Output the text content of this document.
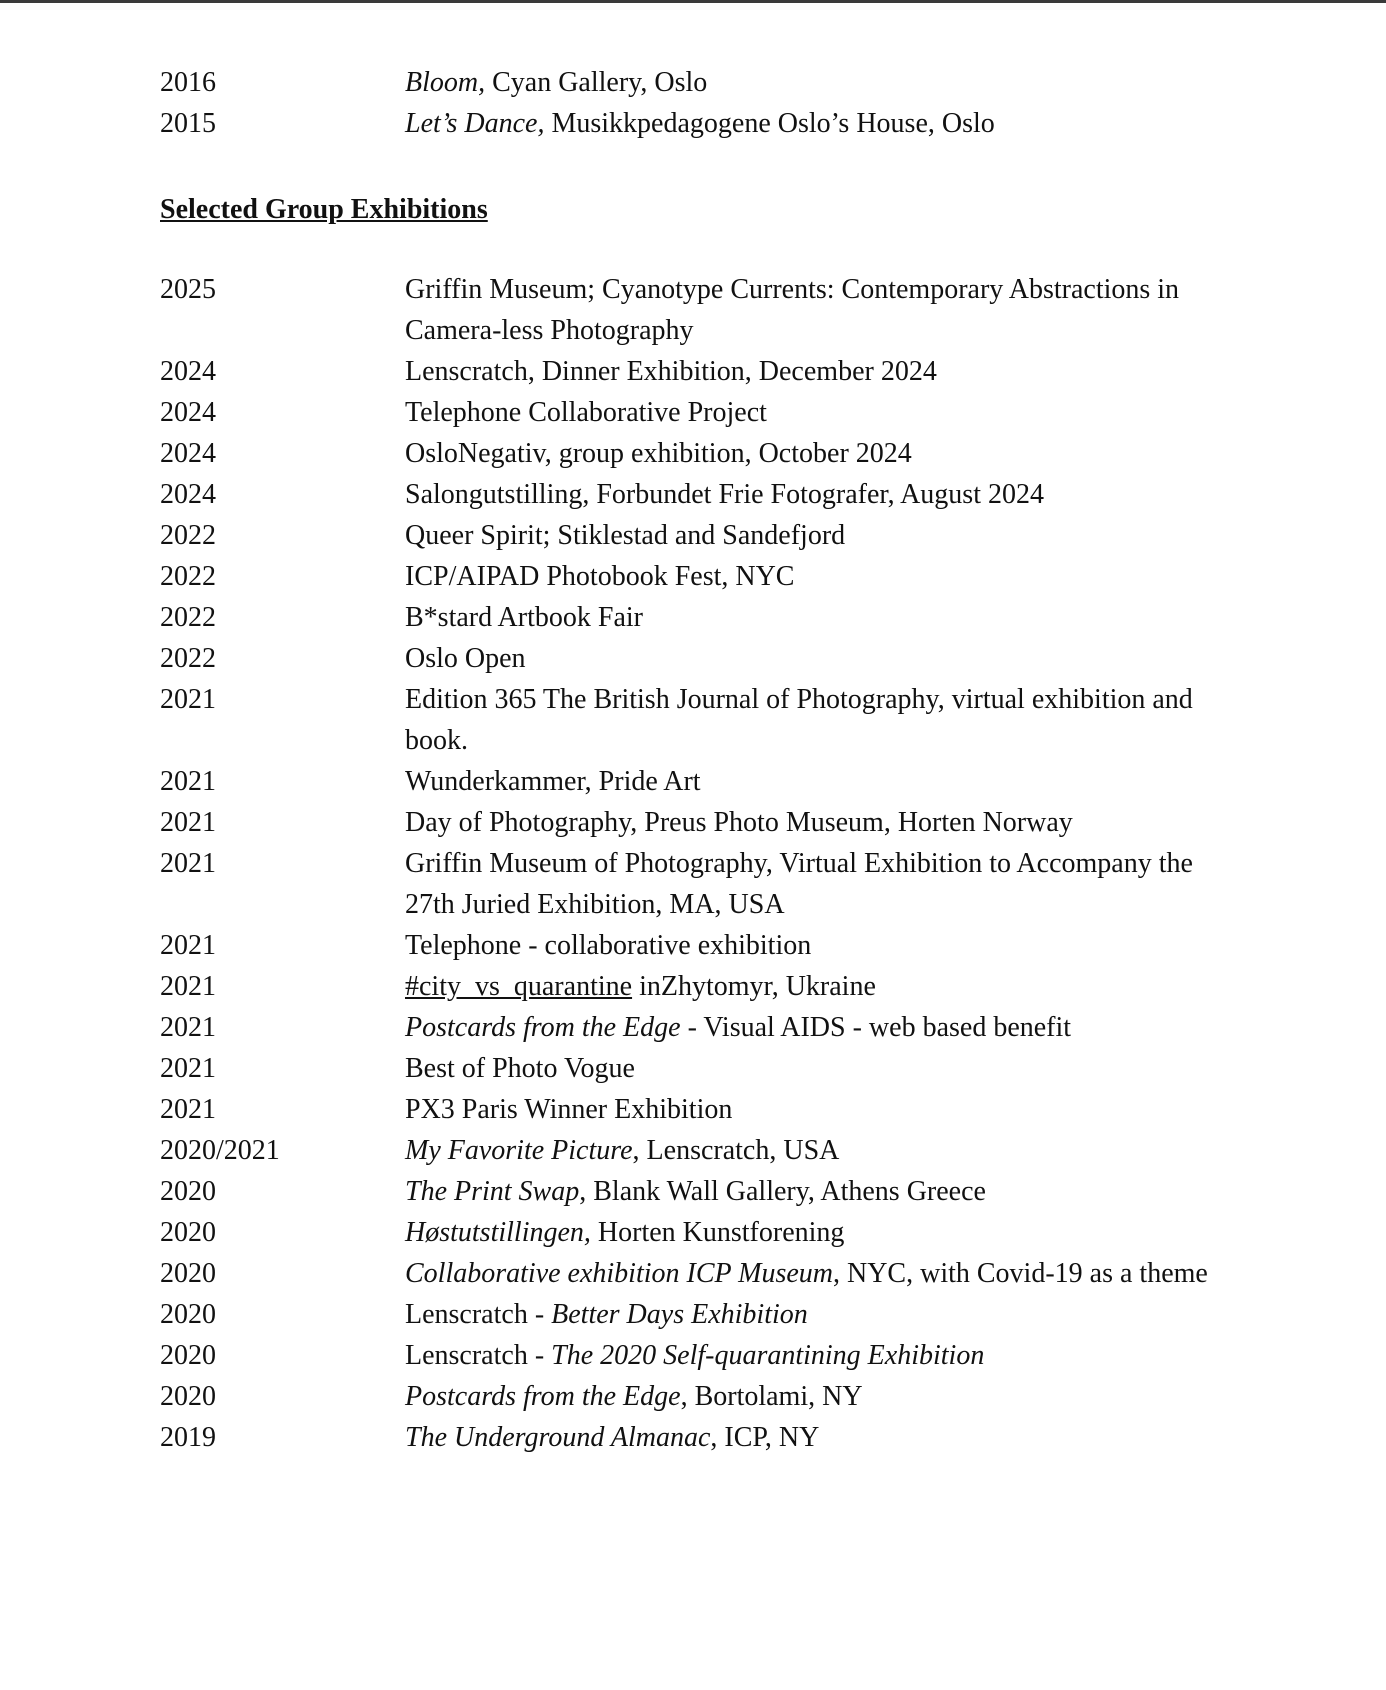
2016	Bloom, Cyan Gallery, Oslo
2015	Let’s Dance, Musikkpedagogene Oslo’s House, Oslo
Selected Group Exhibitions
2025	Griffin Museum; Cyanotype Currents: Contemporary Abstractions in Camera-less Photography
2024	Lenscratch, Dinner Exhibition, December 2024
2024	Telephone Collaborative Project
2024	OsloNegativ, group exhibition, October 2024
2024	Salongutstilling, Forbundet Frie Fotografer, August 2024
2022	Queer Spirit; Stiklestad and Sandefjord
2022	ICP/AIPAD Photobook Fest, NYC
2022	B*stard Artbook Fair
2022	Oslo Open
2021	Edition 365 The British Journal of Photography, virtual exhibition and book.
2021	Wunderkammer, Pride Art
2021	Day of Photography, Preus Photo Museum, Horten Norway
2021	Griffin Museum of Photography, Virtual Exhibition to Accompany the 27th Juried Exhibition, MA, USA
2021	Telephone - collaborative exhibition
2021	#city_vs_quarantine inZhytomyr, Ukraine
2021	Postcards from the Edge - Visual AIDS - web based benefit
2021	Best of Photo Vogue
2021	PX3 Paris Winner Exhibition
2020/2021	My Favorite Picture, Lenscratch, USA
2020	The Print Swap, Blank Wall Gallery, Athens Greece
2020	Høstutstillingen, Horten Kunstforening
2020	Collaborative exhibition ICP Museum, NYC, with Covid-19 as a theme
2020	Lenscratch - Better Days Exhibition
2020	Lenscratch - The 2020 Self-quarantining Exhibition
2020	Postcards from the Edge, Bortolami, NY
2019	The Underground Almanac, ICP, NY
